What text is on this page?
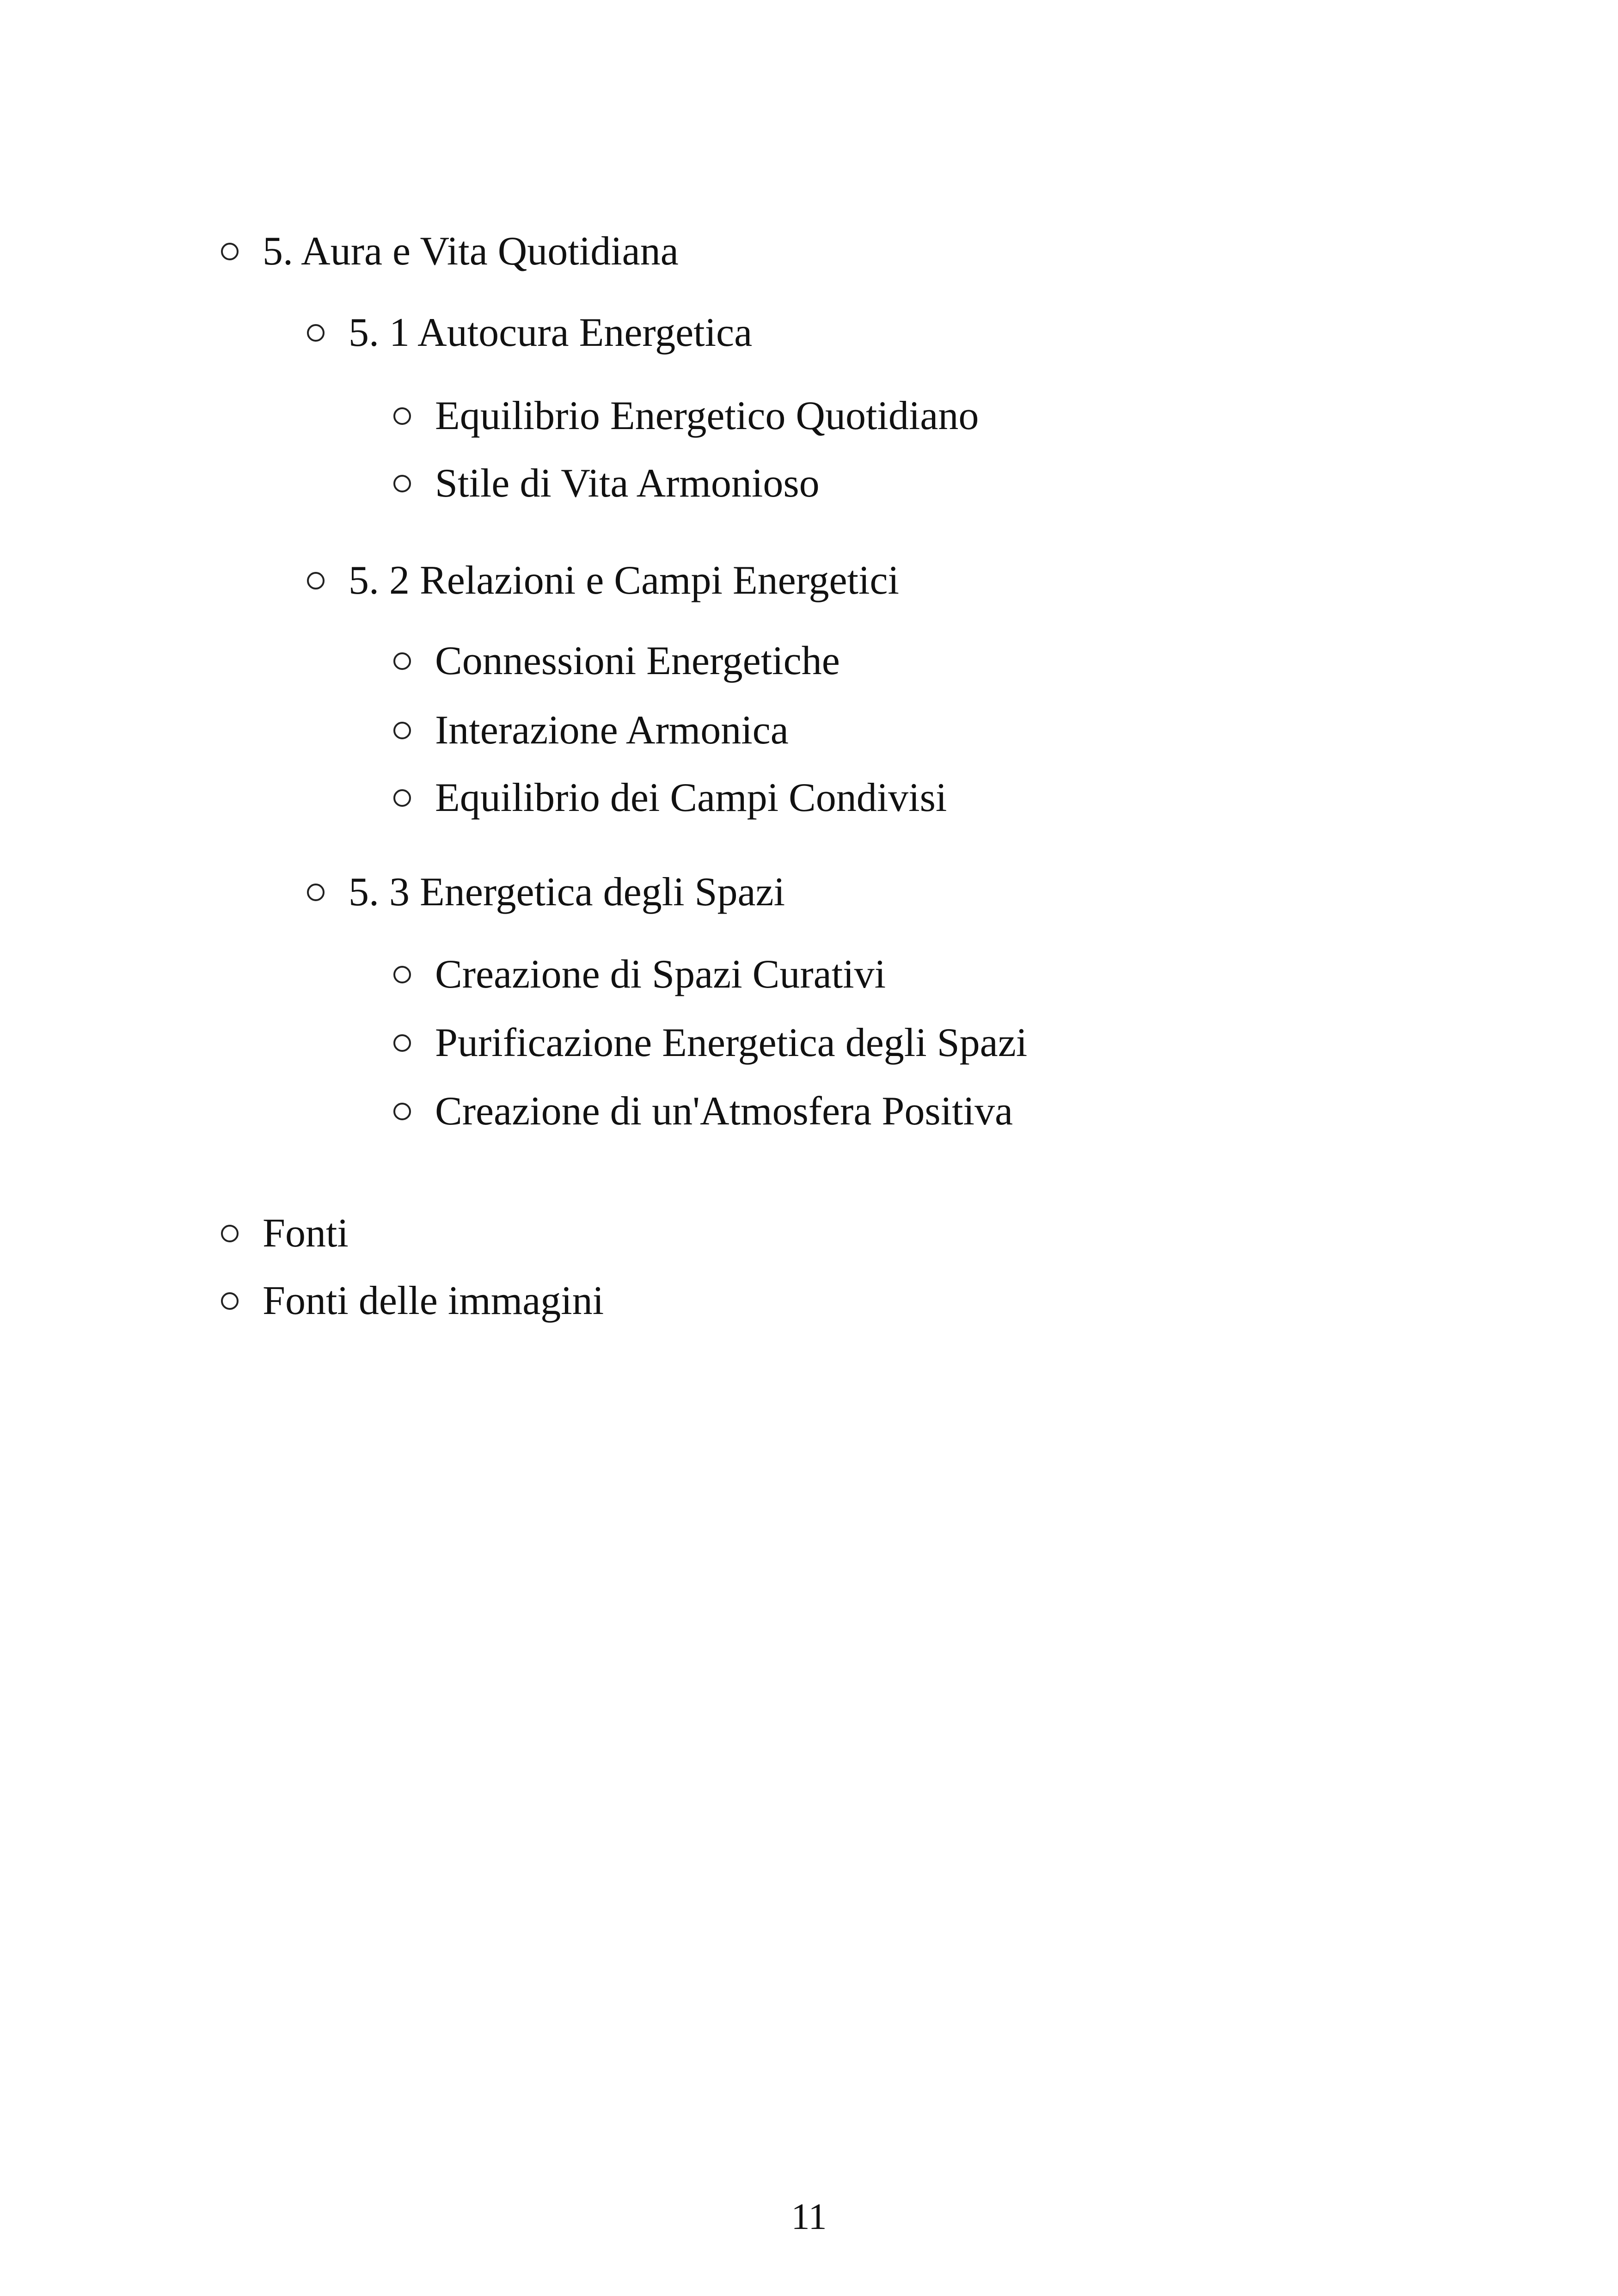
5. Aura e Vita Quotidiana
5. 1 Autocura Energetica
Equilibrio Energetico Quotidiano
Stile di Vita Armonioso
5. 2 Relazioni e Campi Energetici
Connessioni Energetiche
Interazione Armonica
Equilibrio dei Campi Condivisi
5. 3 Energetica degli Spazi
Creazione di Spazi Curativi
Purificazione Energetica degli Spazi
Creazione di un'Atmosfera Positiva
Fonti
Fonti delle immagini
11
